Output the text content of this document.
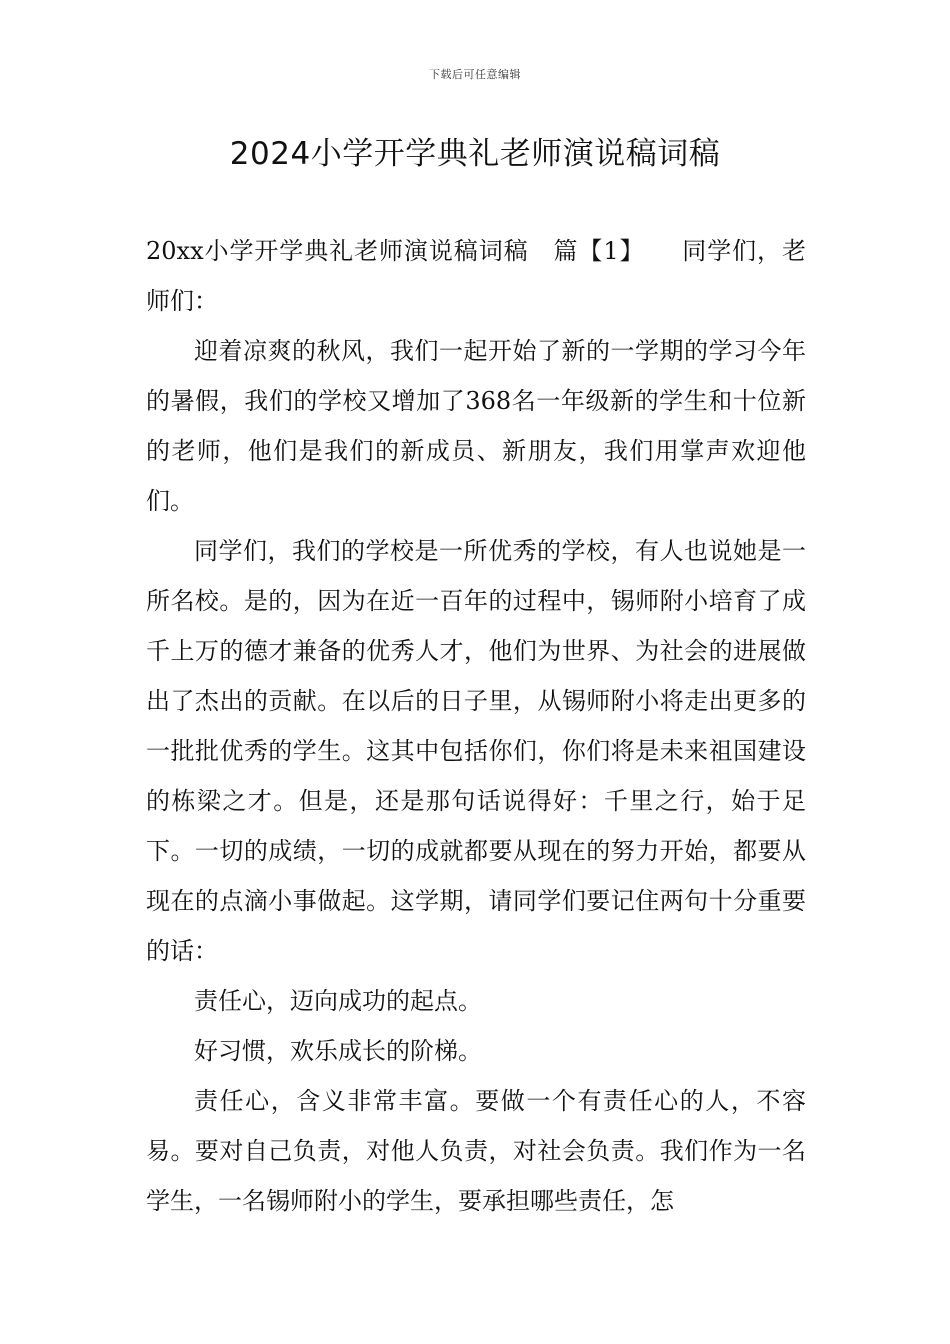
下载后可任意编辑
2024小学开学典礼老师演说稿词稿

20xx小学开学典礼老师演说稿词稿　篇【1】　　同学们，老师们：

迎着凉爽的秋风，我们一起开始了新的一学期的学习今年的暑假，我们的学校又增加了368名一年级新的学生和十位新的老师，他们是我们的新成员、新朋友，我们用掌声欢迎他们。

同学们，我们的学校是一所优秀的学校，有人也说她是一所名校。是的，因为在近一百年的过程中，锡师附小培育了成千上万的德才兼备的优秀人才，他们为世界、为社会的进展做出了杰出的贡献。在以后的日子里，从锡师附小将走出更多的一批批优秀的学生。这其中包括你们，你们将是未来祖国建设的栋梁之才。但是，还是那句话说得好：千里之行，始于足下。一切的成绩，一切的成就都要从现在的努力开始，都要从现在的点滴小事做起。这学期，请同学们要记住两句十分重要的话：

责任心，迈向成功的起点。

好习惯，欢乐成长的阶梯。

责任心，含义非常丰富。要做一个有责任心的人，不容易。要对自己负责，对他人负责，对社会负责。我们作为一名学生，一名锡师附小的学生，要承担哪些责任，怎
